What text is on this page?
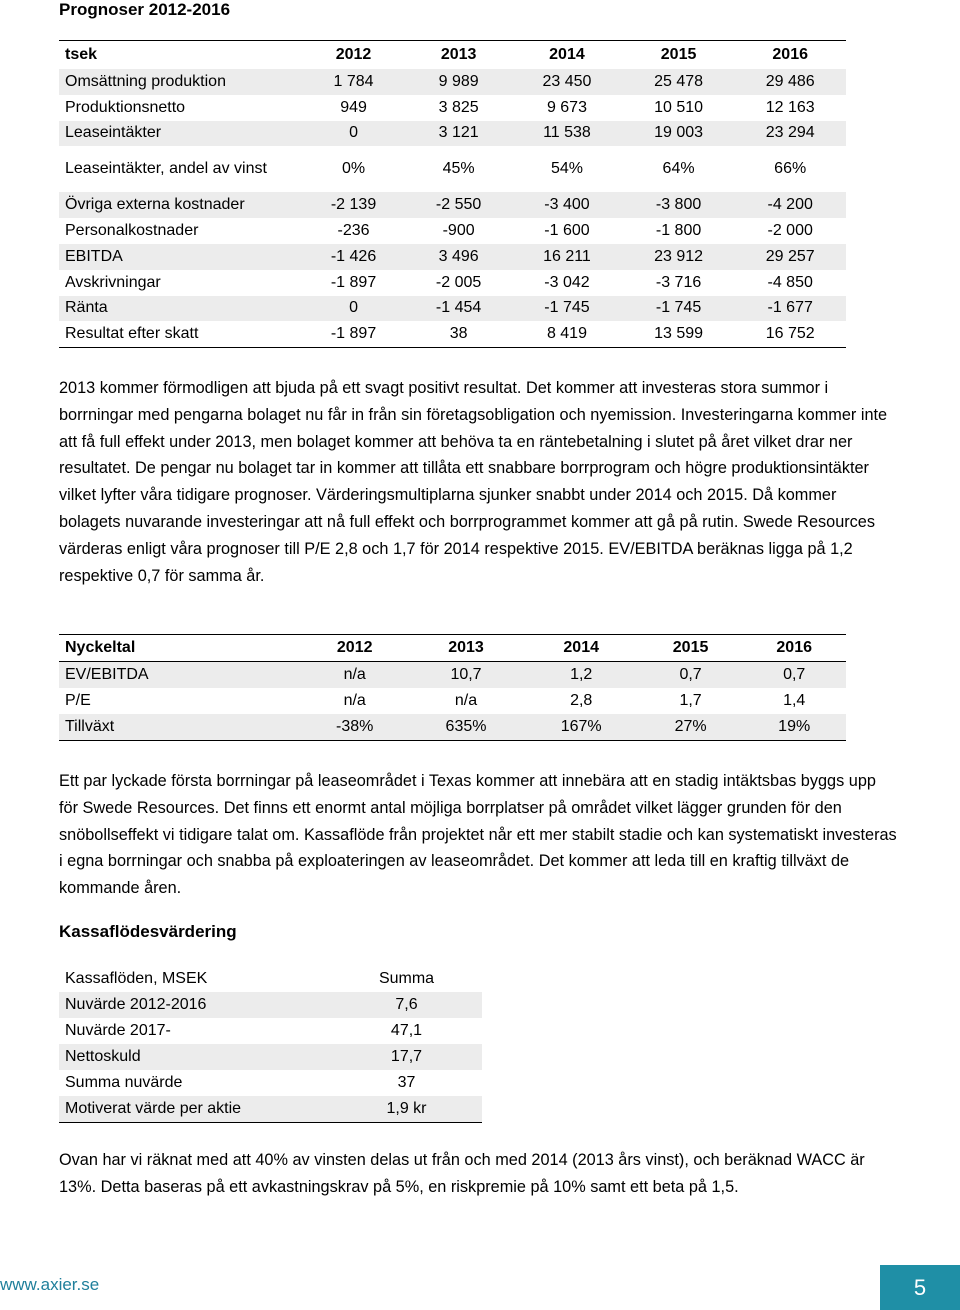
Prognoser 2012-2016
tsek	2012	2013	2014	2015	2016
Omsättning produktion	1 784	9 989	23 450	25 478	29 486
Produktionsnetto	949	3 825	9 673	10 510	12 163
Leaseintäkter	0	3 121	11 538	19 003	23 294
Leaseintäkter, andel av vinst	0%	45%	54%	64%	66%
Övriga externa kostnader	-2 139	-2 550	-3 400	-3 800	-4 200
Personalkostnader	-236	-900	-1 600	-1 800	-2 000
EBITDA	-1 426	3 496	16 211	23 912	29 257
Avskrivningar	-1 897	-2 005	-3 042	-3 716	-4 850
Ränta	0	-1 454	-1 745	-1 745	-1 677
Resultat efter skatt	-1 897	38	8 419	13 599	16 752

2013 kommer förmodligen att bjuda på ett svagt positivt resultat. Det kommer att investeras stora summor i borrningar med pengarna bolaget nu får in från sin företagsobligation och nyemission. Investeringarna kommer inte att få full effekt under 2013, men bolaget kommer att behöva ta en räntebetalning i slutet på året vilket drar ner resultatet. De pengar nu bolaget tar in kommer att tillåta ett snabbare borrprogram och högre produktionsintäkter vilket lyfter våra tidigare prognoser. Värderingsmultiplarna sjunker snabbt under 2014 och 2015. Då kommer bolagets nuvarande investeringar att nå full effekt och borrprogrammet kommer att gå på rutin. Swede Resources värderas enligt våra prognoser till P/E 2,8 och 1,7 för 2014 respektive 2015. EV/EBITDA beräknas ligga på 1,2 respektive 0,7 för samma år.

Nyckeltal	2012	2013	2014	2015	2016
EV/EBITDA	n/a	10,7	1,2	0,7	0,7
P/E	n/a	n/a	2,8	1,7	1,4
Tillväxt	-38%	635%	167%	27%	19%

Ett par lyckade första borrningar på leaseområdet i Texas kommer att innebära att en stadig intäktsbas byggs upp för Swede Resources. Det finns ett enormt antal möjliga borrplatser på området vilket lägger grunden för den snöbollseffekt vi tidigare talat om. Kassaflöde från projektet når ett mer stabilt stadie och kan systematiskt investeras i egna borrningar och snabba på exploateringen av leaseområdet. Det kommer att leda till en kraftig tillväxt de kommande åren.

Kassaflödesvärdering
Kassaflöden, MSEK	Summa
Nuvärde 2012-2016	7,6
Nuvärde 2017-	47,1
Nettoskuld	17,7
Summa nuvärde	37
Motiverat värde per aktie	1,9 kr

Ovan har vi räknat med att 40% av vinsten delas ut från och med 2014 (2013 års vinst), och beräknad WACC är 13%. Detta baseras på ett avkastningskrav på 5%, en riskpremie på 10% samt ett beta på 1,5.

www.axier.se	5
